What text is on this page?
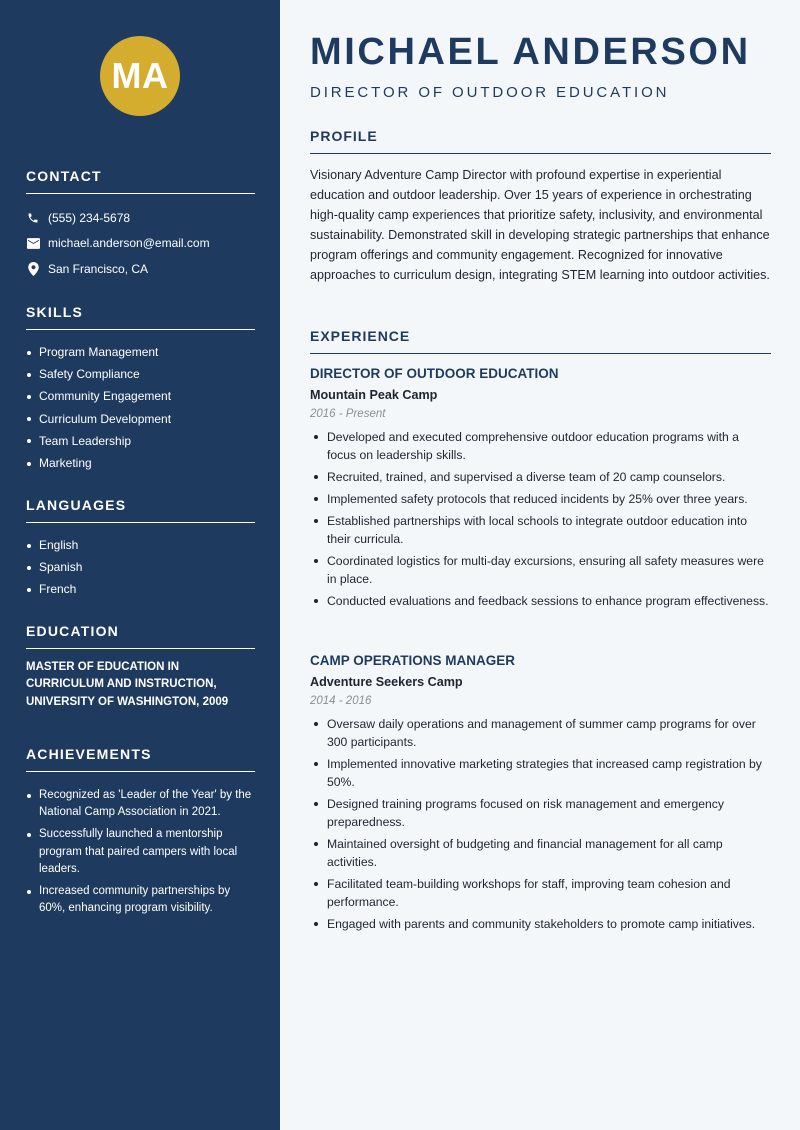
MA
CONTACT
(555) 234-5678
michael.anderson@email.com
San Francisco, CA
SKILLS
Program Management
Safety Compliance
Community Engagement
Curriculum Development
Team Leadership
Marketing
LANGUAGES
English
Spanish
French
EDUCATION

MASTER OF EDUCATION IN CURRICULUM AND INSTRUCTION, UNIVERSITY OF WASHINGTON, 2009

ACHIEVEMENTS
Recognized as 'Leader of the Year' by the National Camp Association in 2021.
Successfully launched a mentorship program that paired campers with local leaders.
Increased community partnerships by 60%, enhancing program visibility.
MICHAEL ANDERSON
DIRECTOR OF OUTDOOR EDUCATION
PROFILE

Visionary Adventure Camp Director with profound expertise in experiential education and outdoor leadership. Over 15 years of experience in orchestrating high-quality camp experiences that prioritize safety, inclusivity, and environmental sustainability. Demonstrated skill in developing strategic partnerships that enhance program offerings and community engagement. Recognized for innovative approaches to curriculum design, integrating STEM learning into outdoor activities.

EXPERIENCE
DIRECTOR OF OUTDOOR EDUCATION
Mountain Peak Camp
2016 - Present
Developed and executed comprehensive outdoor education programs with a focus on leadership skills.
Recruited, trained, and supervised a diverse team of 20 camp counselors.
Implemented safety protocols that reduced incidents by 25% over three years.
Established partnerships with local schools to integrate outdoor education into their curricula.
Coordinated logistics for multi-day excursions, ensuring all safety measures were in place.
Conducted evaluations and feedback sessions to enhance program effectiveness.
CAMP OPERATIONS MANAGER
Adventure Seekers Camp
2014 - 2016
Oversaw daily operations and management of summer camp programs for over 300 participants.
Implemented innovative marketing strategies that increased camp registration by 50%.
Designed training programs focused on risk management and emergency preparedness.
Maintained oversight of budgeting and financial management for all camp activities.
Facilitated team-building workshops for staff, improving team cohesion and performance.
Engaged with parents and community stakeholders to promote camp initiatives.
